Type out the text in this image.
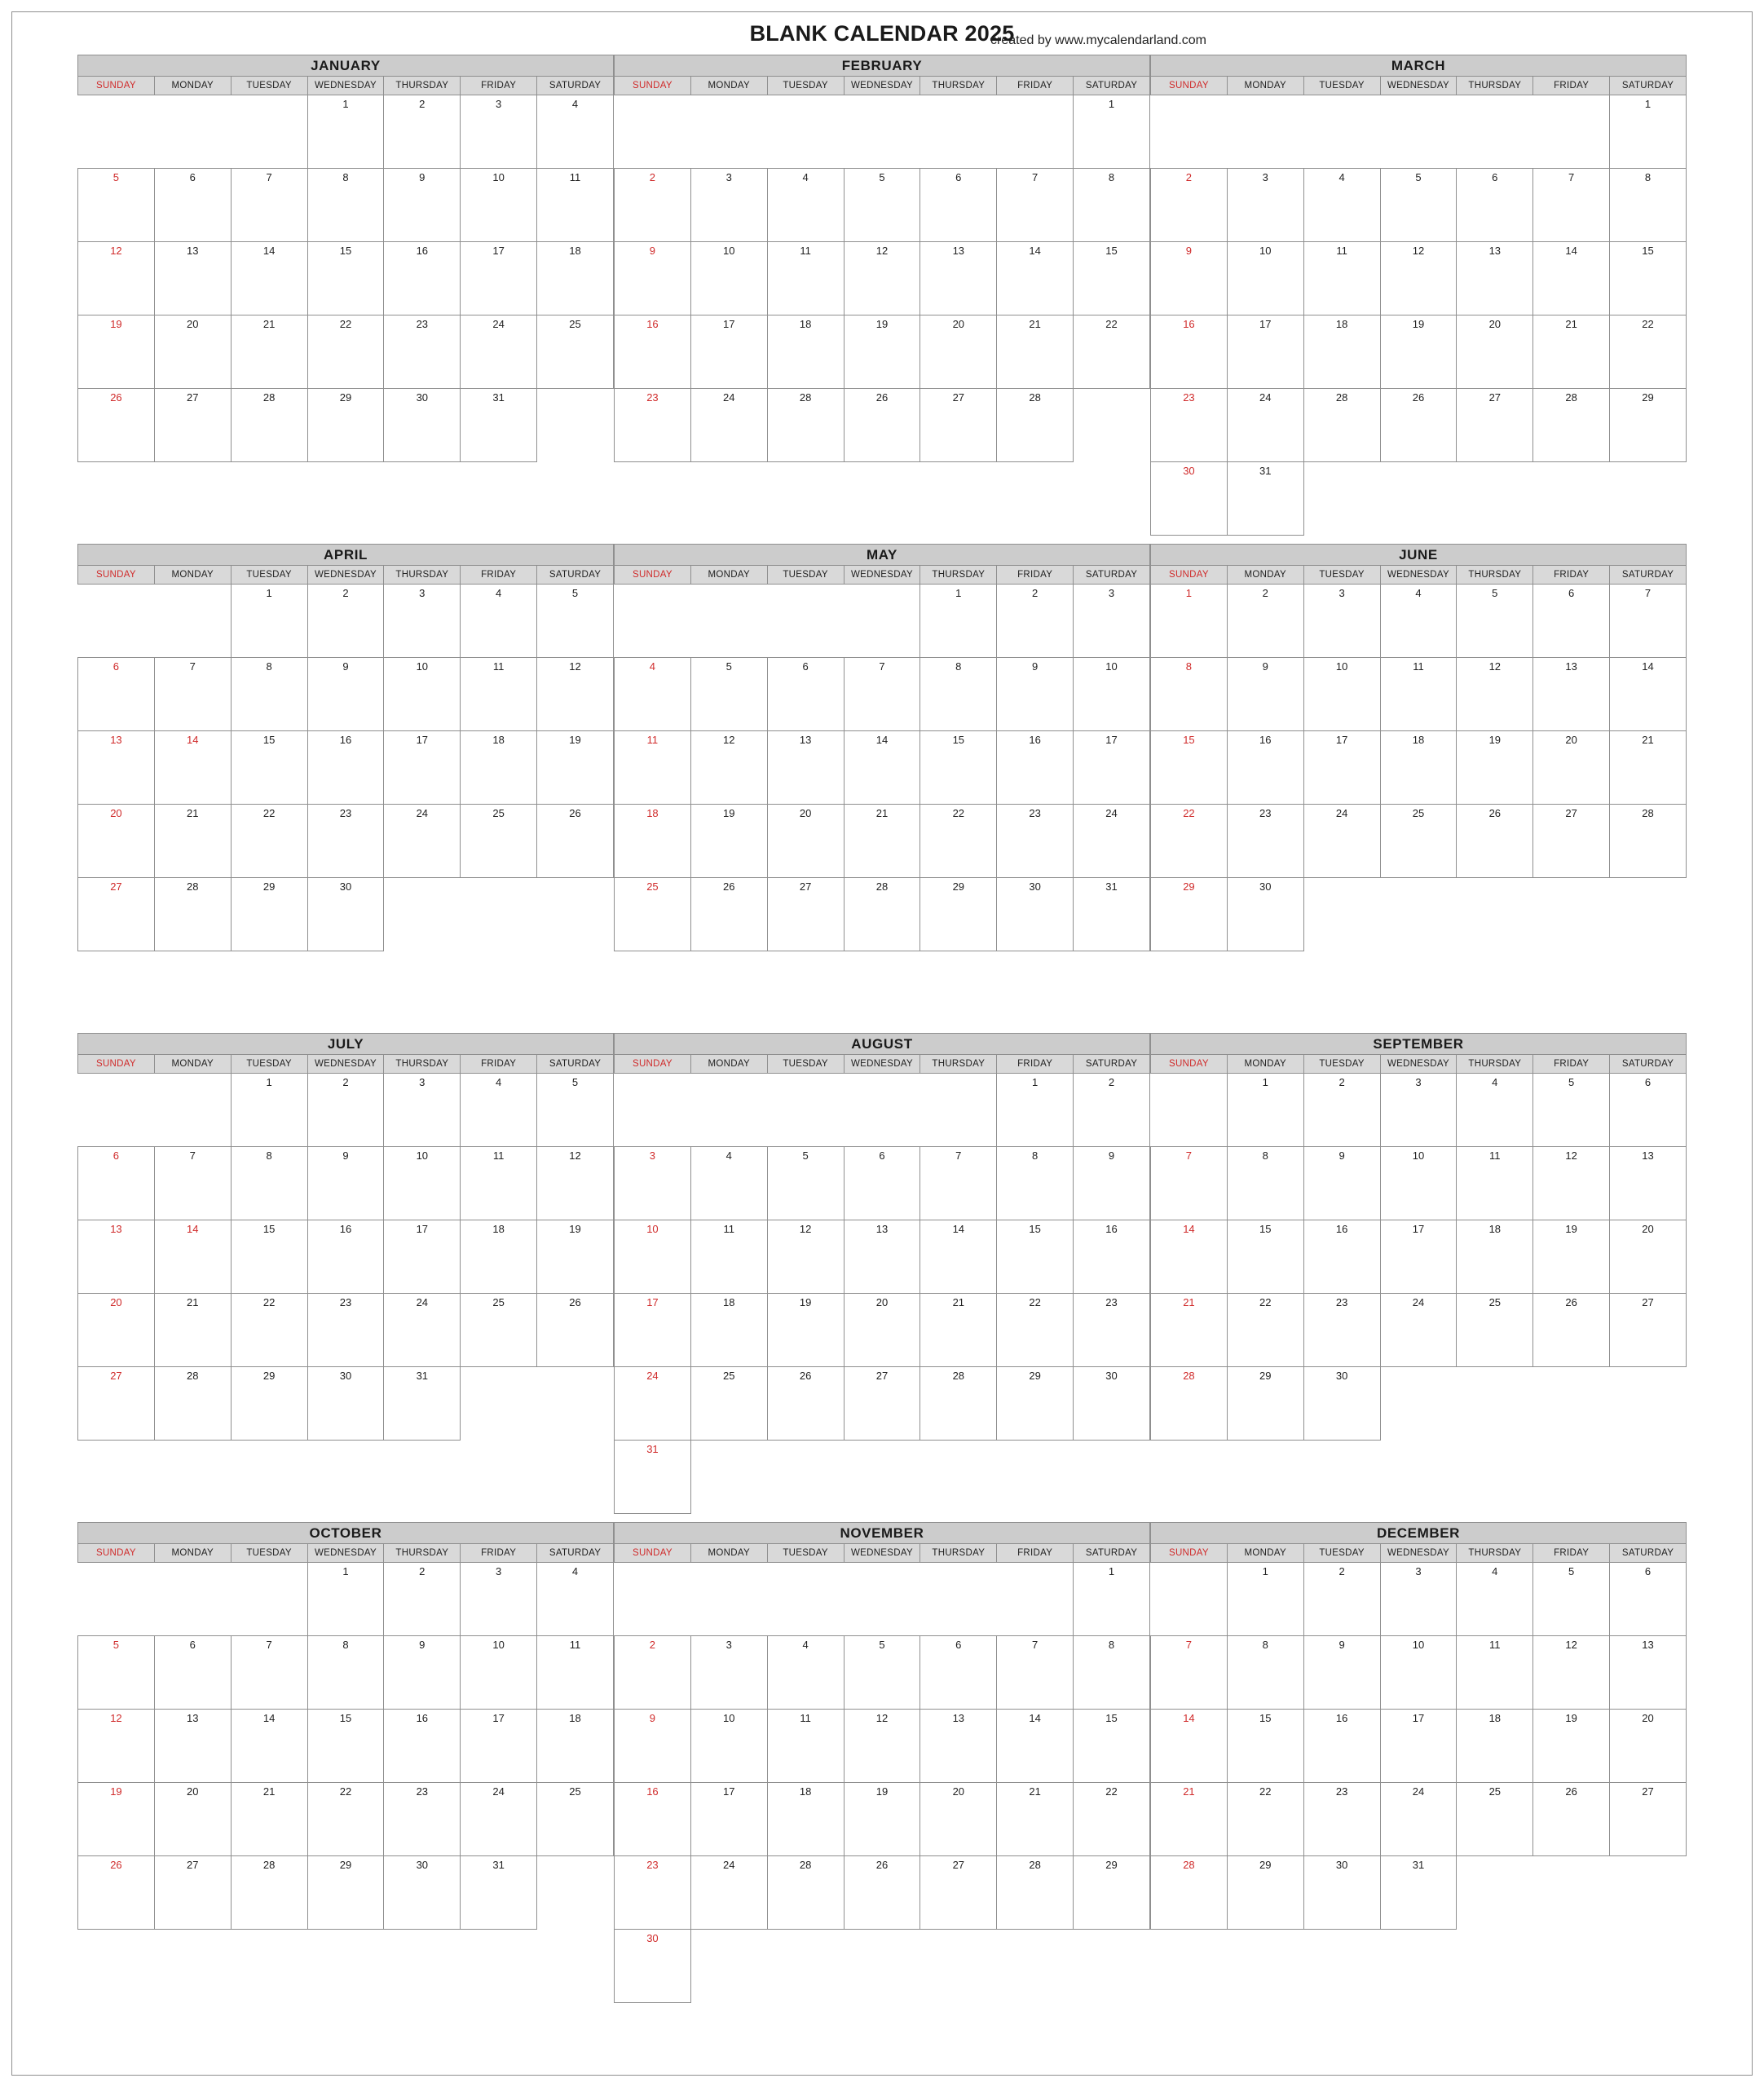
BLANK CALENDAR 2025
created by www.mycalendarland.com
JANUARY
SUNDAY	MONDAY	TUESDAY	WEDNESDAY	THURSDAY	FRIDAY	SATURDAY
			1	2	3	4
5	6	7	8	9	10	11
12	13	14	15	16	17	18
19	20	21	22	23	24	25
26	27	28	29	30	31	

FEBRUARY
SUNDAY	MONDAY	TUESDAY	WEDNESDAY	THURSDAY	FRIDAY	SATURDAY
						1
2	3	4	5	6	7	8
9	10	11	12	13	14	15
16	17	18	19	20	21	22
23	24	28	26	27	28	

MARCH
SUNDAY	MONDAY	TUESDAY	WEDNESDAY	THURSDAY	FRIDAY	SATURDAY
						1
2	3	4	5	6	7	8
9	10	11	12	13	14	15
16	17	18	19	20	21	22
23	24	28	26	27	28	29
30	31					
APRIL
SUNDAY	MONDAY	TUESDAY	WEDNESDAY	THURSDAY	FRIDAY	SATURDAY
		1	2	3	4	5
6	7	8	9	10	11	12
13	14	15	16	17	18	19
20	21	22	23	24	25	26
27	28	29	30			

MAY
SUNDAY	MONDAY	TUESDAY	WEDNESDAY	THURSDAY	FRIDAY	SATURDAY
				1	2	3
4	5	6	7	8	9	10
11	12	13	14	15	16	17
18	19	20	21	22	23	24
25	26	27	28	29	30	31

JUNE
SUNDAY	MONDAY	TUESDAY	WEDNESDAY	THURSDAY	FRIDAY	SATURDAY
1	2	3	4	5	6	7
8	9	10	11	12	13	14
15	16	17	18	19	20	21
22	23	24	25	26	27	28
29	30					

JULY
SUNDAY	MONDAY	TUESDAY	WEDNESDAY	THURSDAY	FRIDAY	SATURDAY
		1	2	3	4	5
6	7	8	9	10	11	12
13	14	15	16	17	18	19
20	21	22	23	24	25	26
27	28	29	30	31		

AUGUST
SUNDAY	MONDAY	TUESDAY	WEDNESDAY	THURSDAY	FRIDAY	SATURDAY
					1	2
3	4	5	6	7	8	9
10	11	12	13	14	15	16
17	18	19	20	21	22	23
24	25	26	27	28	29	30
31						
SEPTEMBER
SUNDAY	MONDAY	TUESDAY	WEDNESDAY	THURSDAY	FRIDAY	SATURDAY
	1	2	3	4	5	6
7	8	9	10	11	12	13
14	15	16	17	18	19	20
21	22	23	24	25	26	27
28	29	30				

OCTOBER
SUNDAY	MONDAY	TUESDAY	WEDNESDAY	THURSDAY	FRIDAY	SATURDAY
			1	2	3	4
5	6	7	8	9	10	11
12	13	14	15	16	17	18
19	20	21	22	23	24	25
26	27	28	29	30	31	

NOVEMBER
SUNDAY	MONDAY	TUESDAY	WEDNESDAY	THURSDAY	FRIDAY	SATURDAY
						1
2	3	4	5	6	7	8
9	10	11	12	13	14	15
16	17	18	19	20	21	22
23	24	28	26	27	28	29
30						
DECEMBER
SUNDAY	MONDAY	TUESDAY	WEDNESDAY	THURSDAY	FRIDAY	SATURDAY
	1	2	3	4	5	6
7	8	9	10	11	12	13
14	15	16	17	18	19	20
21	22	23	24	25	26	27
28	29	30	31			
